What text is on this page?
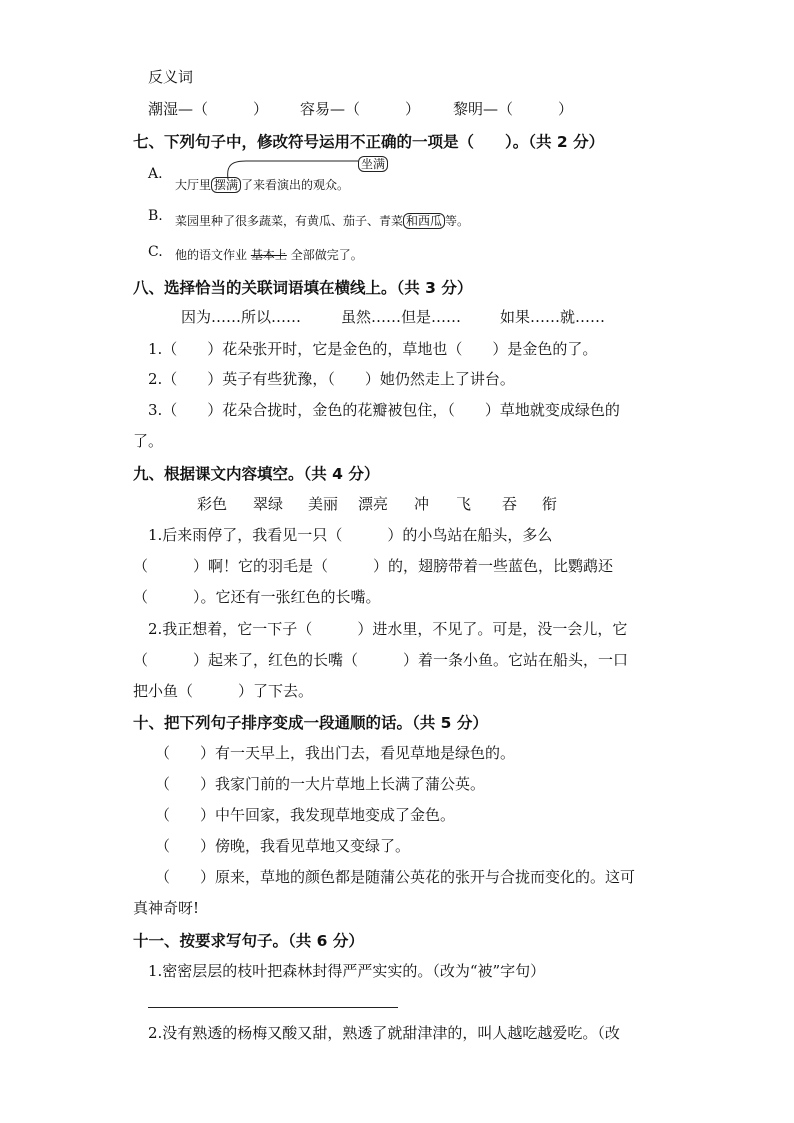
反义词
潮湿—（　　　） 容易—（　　　） 黎明—（　　　）
七、下列句子中，修改符号运用不正确的一项是（　　）。（共 2 分）
坐满
A.
大厅里 摆满 了来看演出的观众。
B. 菜园里种了很多蔬菜，有黄瓜、茄子、青菜 和西瓜 等。
C. 他的语文作业 基本上 全部做完了。
八、选择恰当的关联词语填在横线上。（共 3 分）
因为……所以……	虽然……但是……	如果……就……
1.（　　）花朵张开时，它是金色的，草地也（　　）是金色的了。
2.（　　）英子有些犹豫，（　　）她仍然走上了讲台。
3.（　　）花朵合拢时，金色的花瓣被包住，（　　）草地就变成绿色的
了。
九、根据课文内容填空。（共 4 分）
彩色 翠绿 美丽 漂亮 冲 飞 吞 衔
1.后来雨停了，我看见一只（　　　）的小鸟站在船头，多么
（　　　）啊！它的羽毛是（　　　）的，翅膀带着一些蓝色，比鹦鹉还
（　　　）。它还有一张红色的长嘴。
2.我正想着，它一下子（　　　）进水里，不见了。可是，没一会儿，它
（　　　）起来了，红色的长嘴（　　　）着一条小鱼。它站在船头，一口
把小鱼（　　　）了下去。
十、把下列句子排序变成一段通顺的话。（共 5 分）
（　　）有一天早上，我出门去，看见草地是绿色的。
（　　）我家门前的一大片草地上长满了蒲公英。
（　　）中午回家，我发现草地变成了金色。
（　　）傍晚，我看见草地又变绿了。
（　　）原来，草地的颜色都是随蒲公英花的张开与合拢而变化的。这可
真神奇呀!
十一、按要求写句子。（共 6 分）
1.密密层层的枝叶把森林封得严严实实的。（改为“被”字句）
2.没有熟透的杨梅又酸又甜，熟透了就甜津津的，叫人越吃越爱吃。（改
